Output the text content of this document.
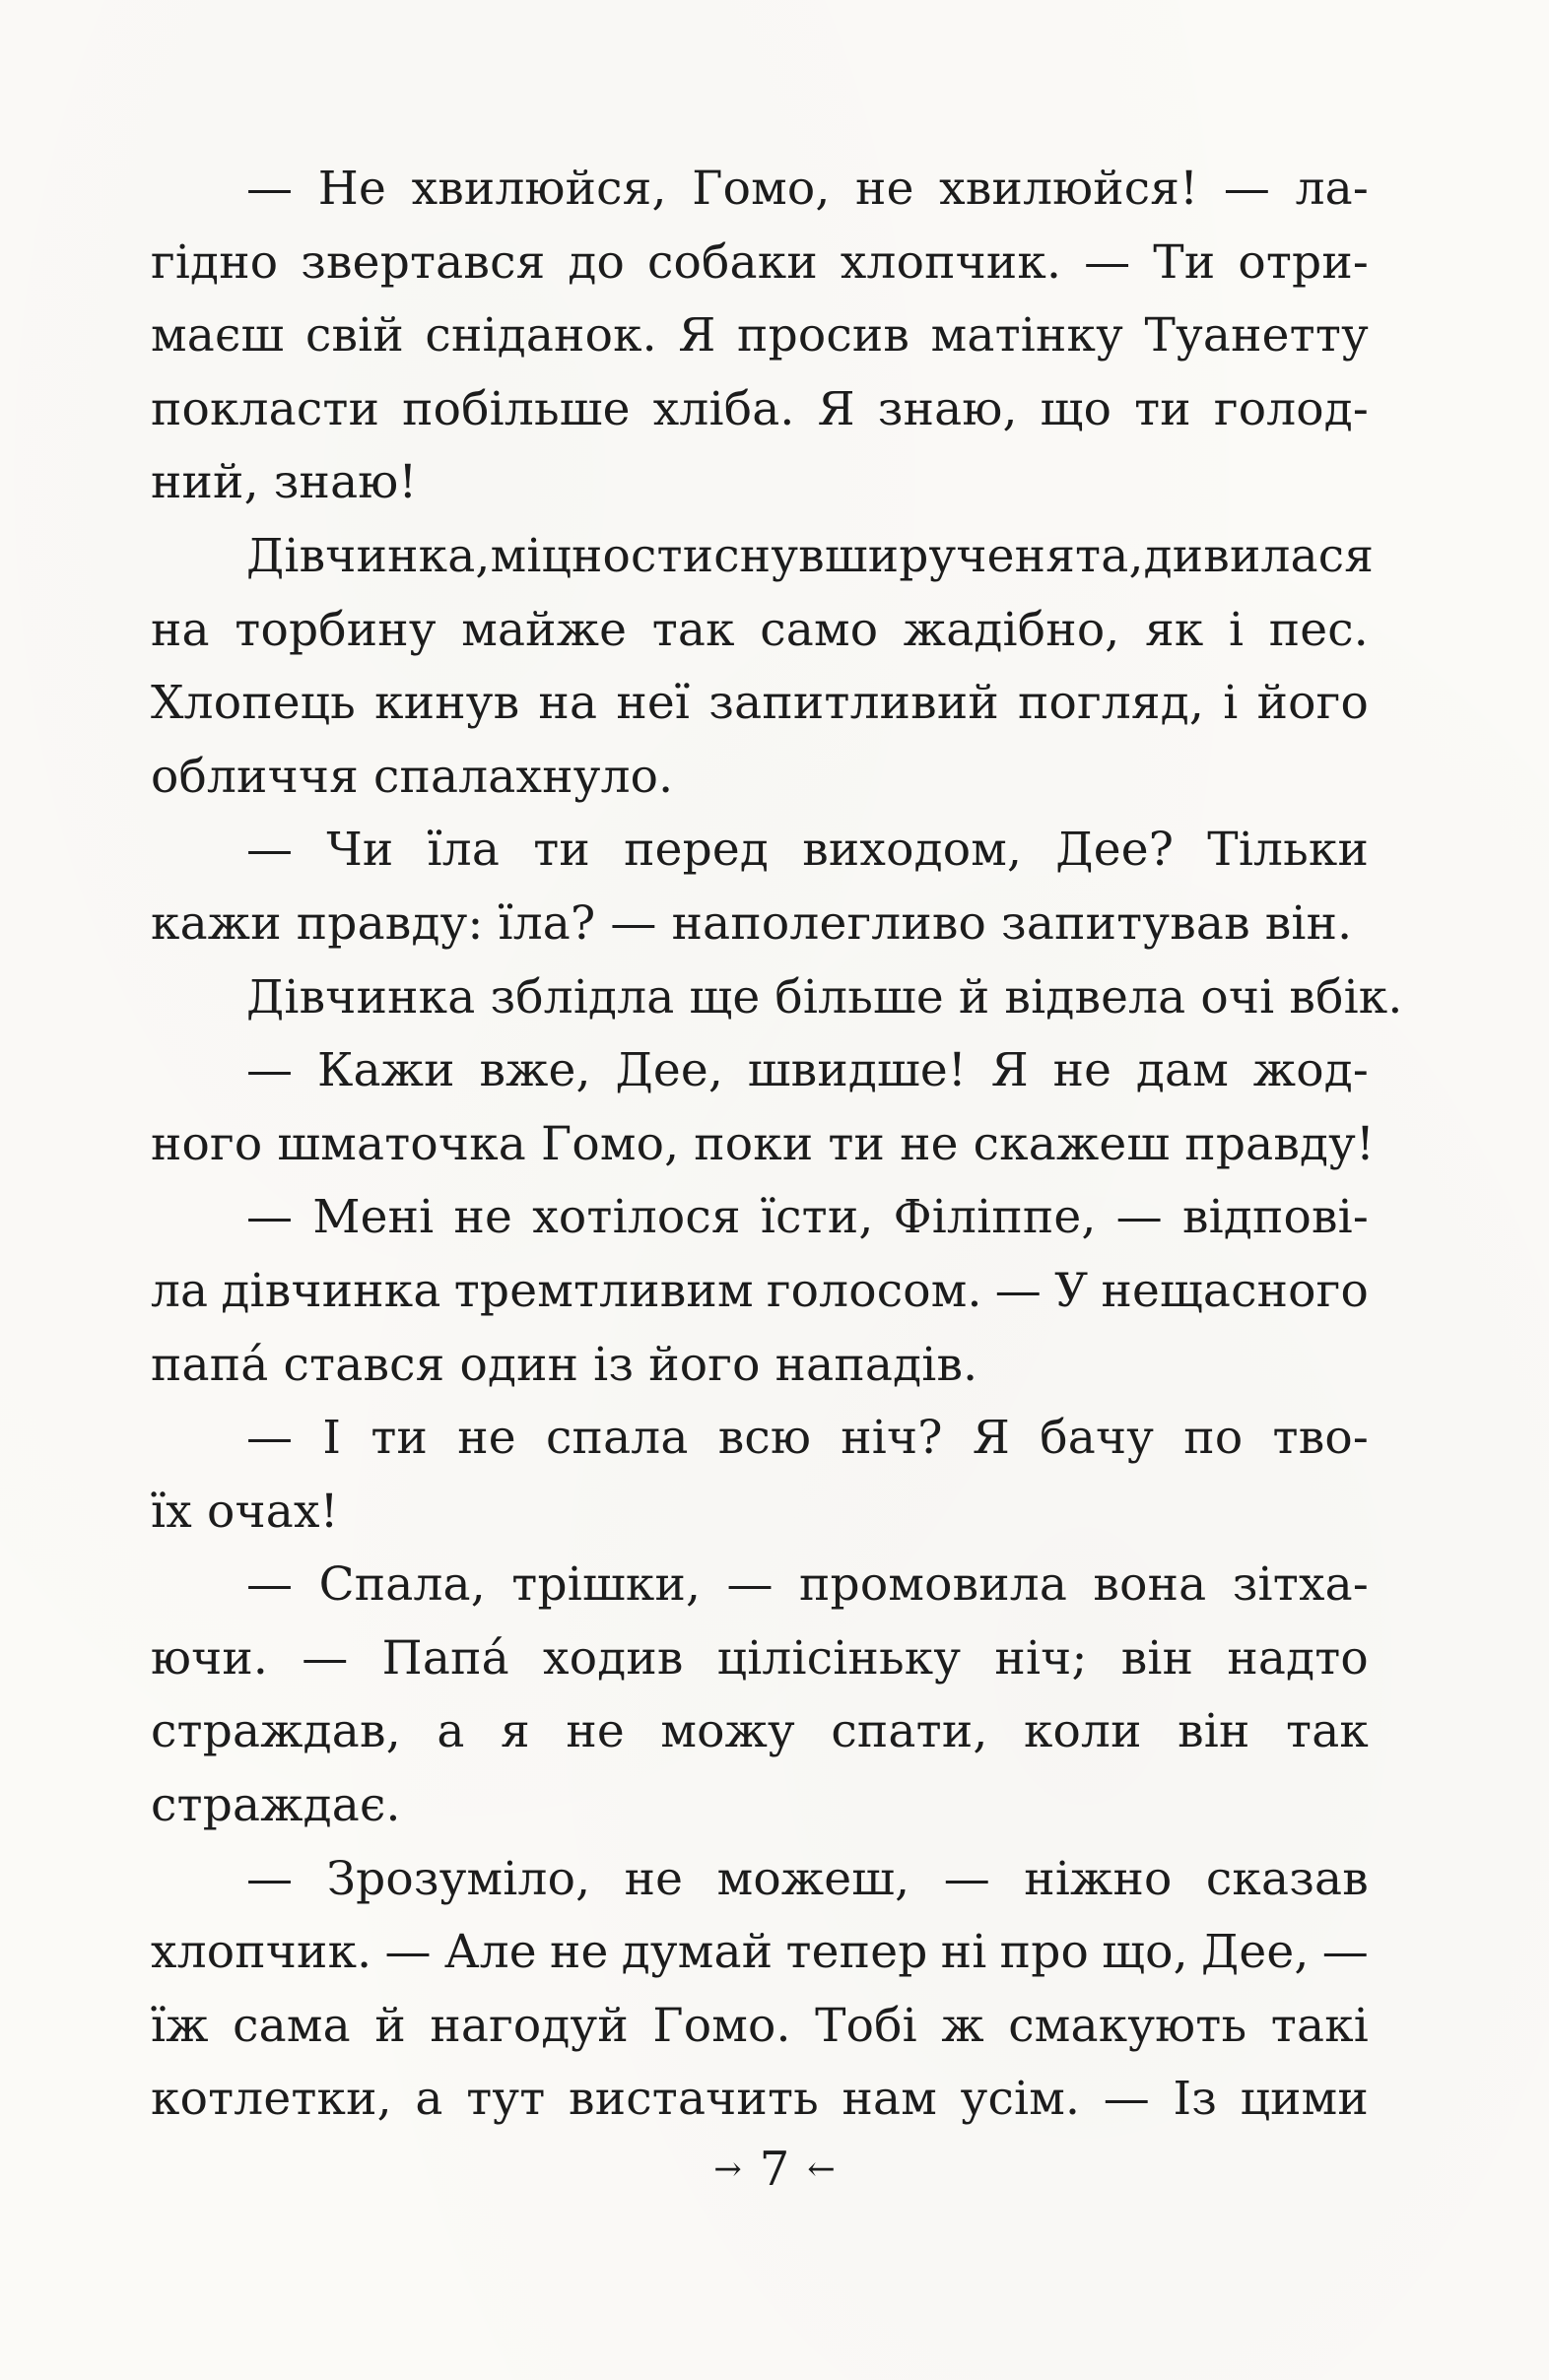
— Не хвилюйся, Гомо, не хвилюйся! — ла-
гідно звертався до собаки хлопчик. — Ти отри-
маєш свій сніданок. Я просив матінку Туанетту
покласти побільше хліба. Я знаю, що ти голод-
ний, знаю!
Дівчинка, міцно стиснувши рученята, дивилася
на торбину майже так само жадібно, як і пес.
Хлопець кинув на неї запитливий погляд, і його
обличчя спалахнуло.
— Чи їла ти перед виходом, Дее? Тільки
кажи правду: їла? — наполегливо запитував він.
Дівчинка зблідла ще більше й відвела очі вбік.
— Кажи вже, Дее, швидше! Я не дам жод-
ного шматочка Гомо, поки ти не скажеш правду!
— Мені не хотілося їсти, Філіппе, — відпові-
ла дівчинка тремтливим голосом. — У нещасного
папá стався один із його нападів.
— І ти не спала всю ніч? Я бачу по тво-
їх очах!
— Спала, трішки, — промовила вона зітха-
ючи. — Папá ходив цілісіньку ніч; він надто
страждав, а я не можу спати, коли він так
страждає.
— Зрозуміло, не можеш, — ніжно сказав
хлопчик. — Але не думай тепер ні про що, Дее, —
їж сама й нагодуй Гомо. Тобі ж смакують такі
котлетки, а тут вистачить нам усім. — Із цими
→ 7 ←
